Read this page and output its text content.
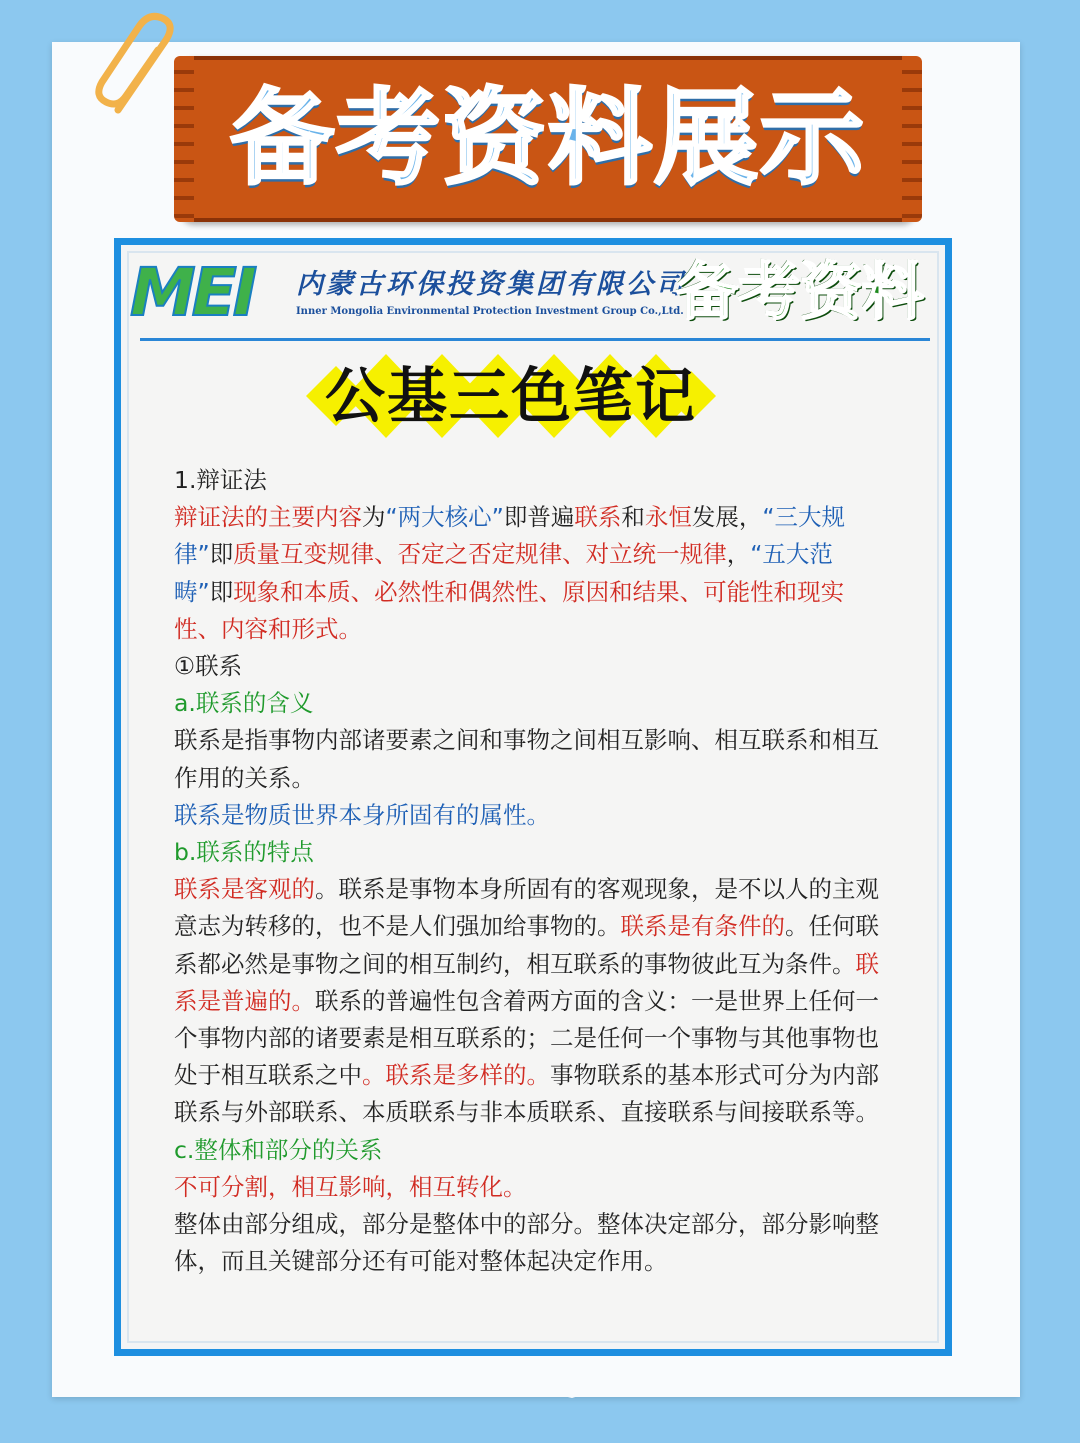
备考资料展示
MEI 内蒙古环保投资集团有限公司
Inner Mongolia Environmental Protection Investment Group Co.,Ltd.
备考资料
公基三色笔记

1.辩证法

辩证法的主要内容为“两大核心”即普遍联系和永恒发展，“三大规律”即质量互变规律、否定之否定规律、对立统一规律，“五大范畴”即现象和本质、必然性和偶然性、原因和结果、可能性和现实性、内容和形式。

①联系

a.联系的含义

联系是指事物内部诸要素之间和事物之间相互影响、相互联系和相互作用的关系。

联系是物质世界本身所固有的属性。

b.联系的特点

联系是客观的。联系是事物本身所固有的客观现象，是不以人的主观意志为转移的，也不是人们强加给事物的。联系是有条件的。任何联系都必然是事物之间的相互制约，相互联系的事物彼此互为条件。联系是普遍的。联系的普遍性包含着两方面的含义：一是世界上任何一个事物内部的诸要素是相互联系的；二是任何一个事物与其他事物也处于相互联系之中。联系是多样的。事物联系的基本形式可分为内部联系与外部联系、本质联系与非本质联系、直接联系与间接联系等。

c.整体和部分的关系

不可分割，相互影响，相互转化。

整体由部分组成，部分是整体中的部分。整体决定部分，部分影响整体，而且关键部分还有可能对整体起决定作用。
